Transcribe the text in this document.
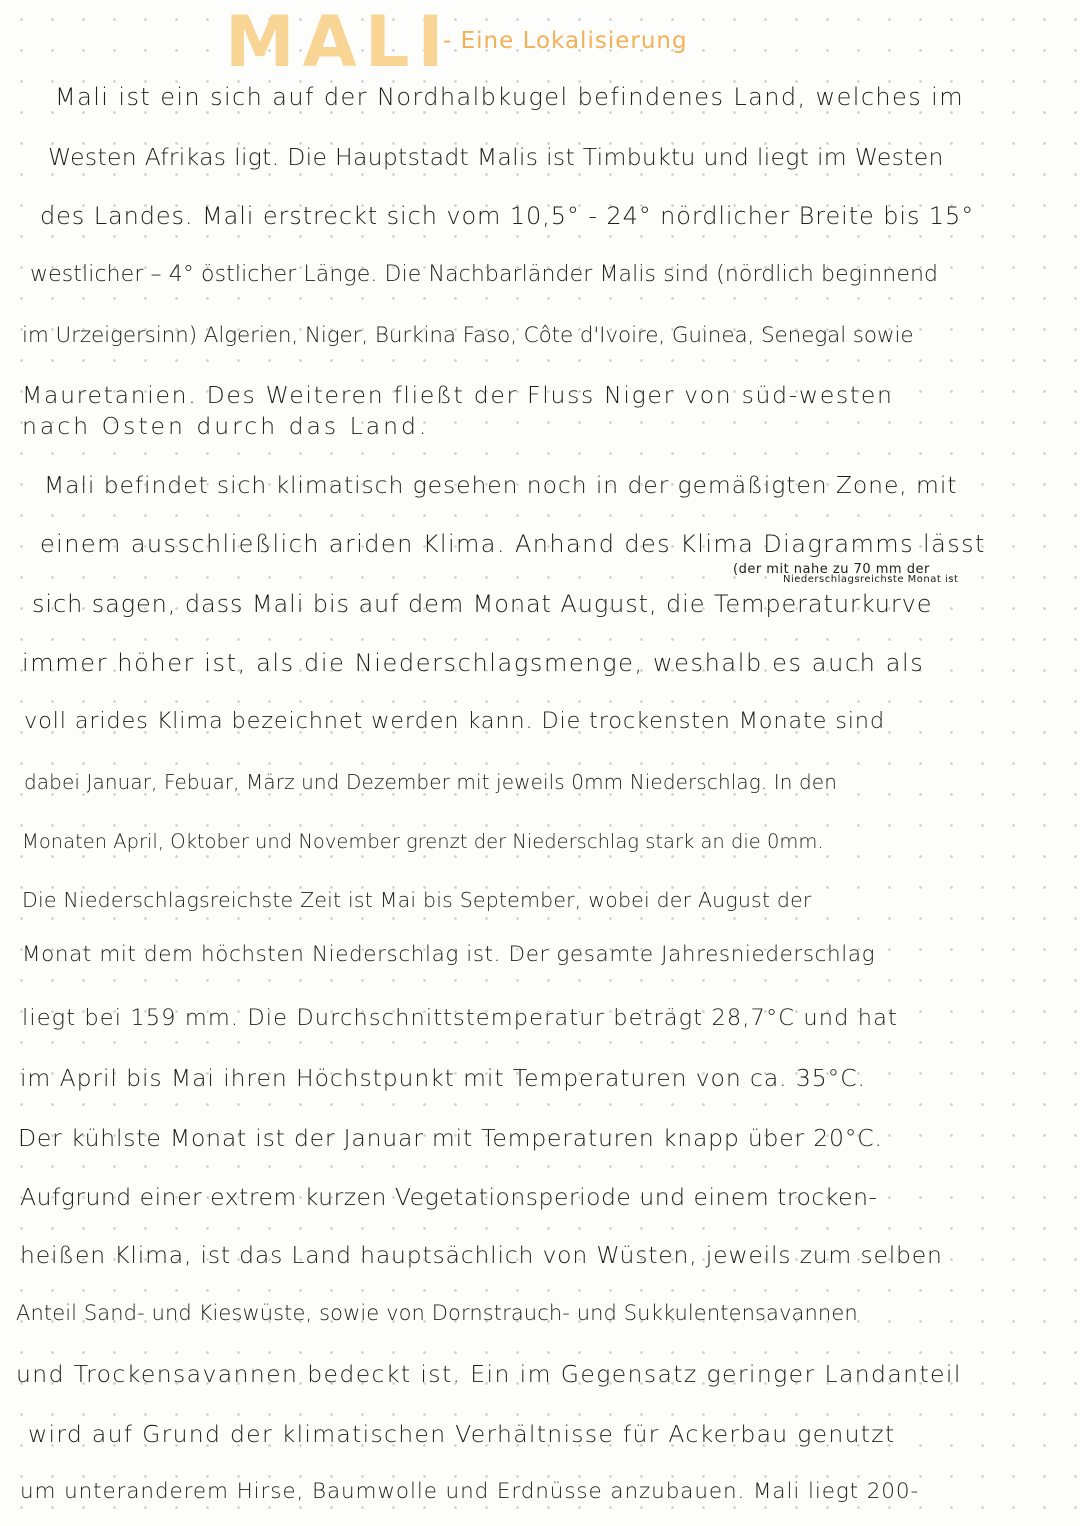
MALI
- Eine Lokalisierung

Mali ist ein sich auf der Nordhalbkugel befindenes Land, welches im

Westen Afrikas ligt. Die Hauptstadt Malis ist Timbuktu und liegt im Westen

des Landes. Mali erstreckt sich vom 10,5° - 24° nördlicher Breite bis 15°

westlicher – 4° östlicher Länge. Die Nachbarländer Malis sind (nördlich beginnend

im Urzeigersinn) Algerien, Niger, Burkina Faso, Côte d'Ivoire, Guinea, Senegal sowie

Mauretanien. Des Weiteren fließt der Fluss Niger von süd-westen

nach Osten durch das Land.

Mali befindet sich klimatisch gesehen noch in der gemäßigten Zone, mit

einem ausschließlich ariden Klima. Anhand des Klima Diagramms lässt

(der mit nahe zu 70 mm der

Niederschlagsreichste Monat ist

sich sagen, dass Mali bis auf dem Monat August, die Temperaturkurve

immer höher ist, als die Niederschlagsmenge, weshalb es auch als

voll arides Klima bezeichnet werden kann. Die trockensten Monate sind

dabei Januar, Febuar, März und Dezember mit jeweils 0mm Niederschlag. In den

Monaten April, Oktober und November grenzt der Niederschlag stark an die 0mm.

Die Niederschlagsreichste Zeit ist Mai bis September, wobei der August der

Monat mit dem höchsten Niederschlag ist. Der gesamte Jahresniederschlag

liegt bei 159 mm. Die Durchschnittstemperatur beträgt 28,7°C und hat

im April bis Mai ihren Höchstpunkt mit Temperaturen von ca. 35°C.

Der kühlste Monat ist der Januar mit Temperaturen knapp über 20°C.

Aufgrund einer extrem kurzen Vegetationsperiode und einem trocken-

heißen Klima, ist das Land hauptsächlich von Wüsten, jeweils zum selben

Anteil Sand- und Kieswüste, sowie von Dornstrauch- und Sukkulentensavannen

und Trockensavannen bedeckt ist. Ein im Gegensatz geringer Landanteil

wird auf Grund der klimatischen Verhältnisse für Ackerbau genutzt

um unteranderem Hirse, Baumwolle und Erdnüsse anzubauen. Mali liegt 200-
